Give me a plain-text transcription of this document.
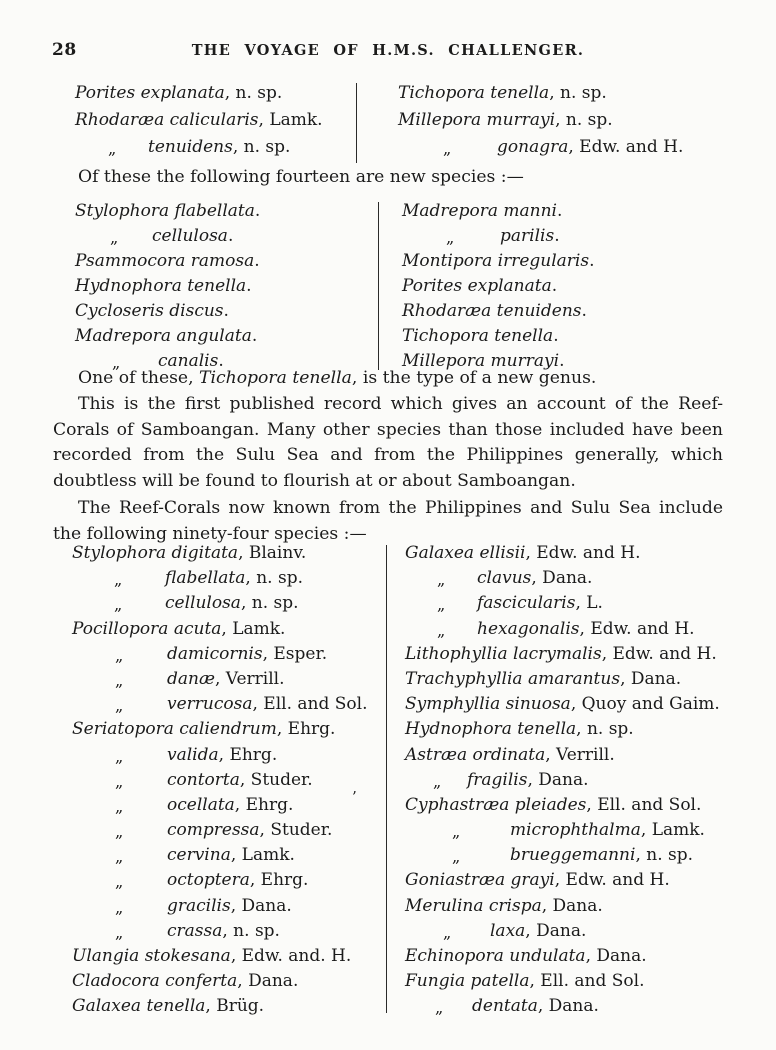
28	THE VOYAGE OF H.M.S. CHALLENGER.
Porites explanata, n. sp.
Rhodaræa calicularis, Lamk.
„ tenuidens, n. sp.
Tichopora tenella, n. sp.
Millepora murrayi, n. sp.
„	gonagra, Edw. and H.

Of these the following fourteen are new species :—

Stylophora flabellata.
„ cellulosa.
Psammocora ramosa.
Hydnophora tenella.
Cycloseris discus.
Madrepora angulata.
„ canalis.
Madrepora manni.
„	parilis.
Montipora irregularis.
Porites explanata.
Rhodaræa tenuidens.
Tichopora tenella.
Millepora murrayi.

One of these, Tichopora tenella, is the type of a new genus.

This is the first published record which gives an account of the Reef-Corals of Samboangan. Many other species than those included have been recorded from the Sulu Sea and from the Philippines generally, which doubtless will be found to flourish at or about Samboangan.

The Reef-Corals now known from the Philippines and Sulu Sea include the following ninety-four species :—

Stylophora digitata, Blainv.
„	flabellata, n. sp.
„	cellulosa, n. sp.
Pocillopora acuta, Lamk.
„	damicornis, Esper.
„	danæ, Verrill.
„	verrucosa, Ell. and Sol.
Seriatopora caliendrum, Ehrg.
„	valida, Ehrg.
„	contorta, Studer.
„	ocellata, Ehrg.
„	compressa, Studer.
„	cervina, Lamk.
„	octoptera, Ehrg.
„	gracilis, Dana.
„	crassa, n. sp.
Ulangia stokesana, Edw. and. H.
Cladocora conferta, Dana.
Galaxea tenella, Brüg.
Galaxea ellisii, Edw. and H.
„ clavus, Dana.
„ fascicularis, L.
„ hexagonalis, Edw. and H.
Lithophyllia lacrymalis, Edw. and H.
Trachyphyllia amarantus, Dana.
Symphyllia sinuosa, Quoy and Gaim.
Hydnophora tenella, n. sp.
Astræa ordinata, Verrill.
„ fragilis, Dana.
Cyphastræa pleiades, Ell. and Sol.
„	microphthalma, Lamk.
„	brueggemanni, n. sp.
Goniastræa grayi, Edw. and H.
Merulina crispa, Dana.
„ laxa, Dana.
Echinopora undulata, Dana.
Fungia patella, Ell. and Sol.
„ dentata, Dana.
’
